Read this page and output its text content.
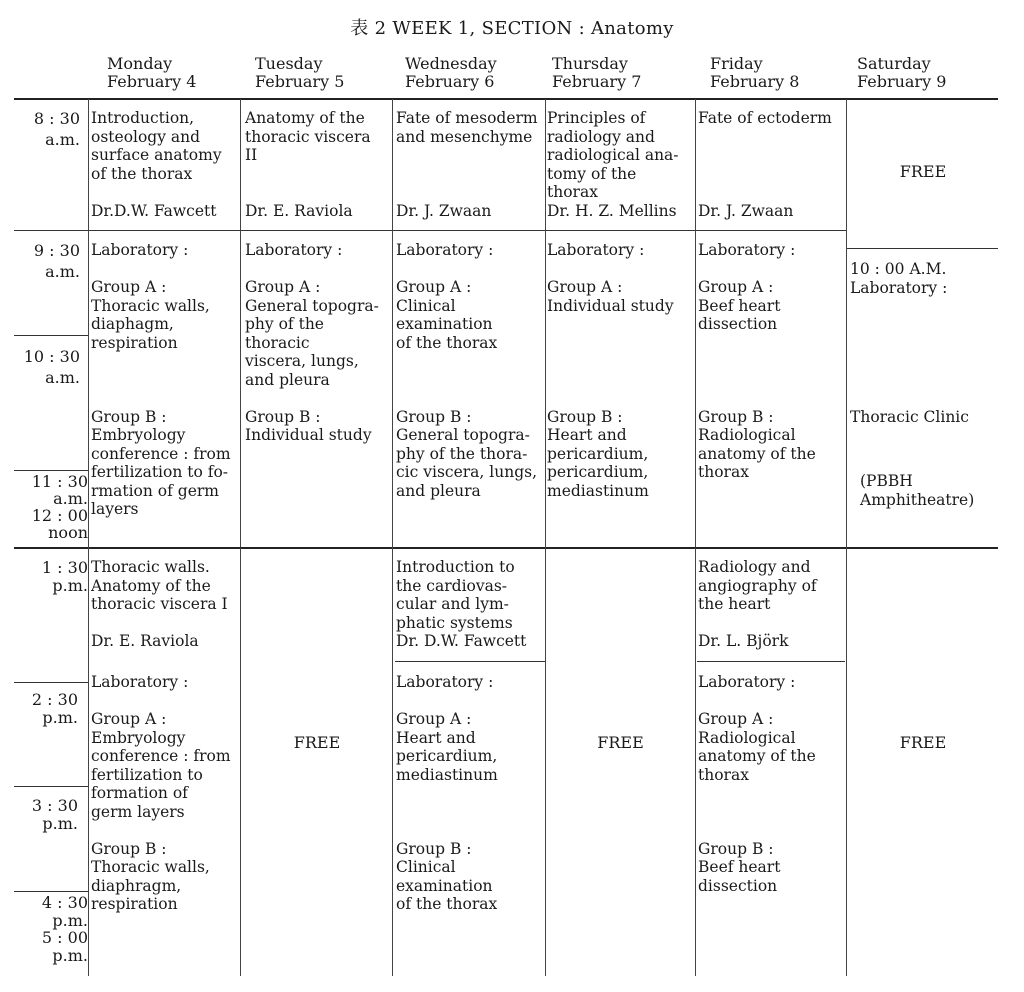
表 2 WEEK 1, SECTION : Anatomy
Monday
February 4
Tuesday
February 5
Wednesday
February 6
Thursday
February 7
Friday
February 8
Saturday
February 9
8 : 30
a.m.
9 : 30
a.m.
10 : 30
a.m.
11 : 30
a.m.
12 : 00
noon
1 : 30
p.m.
2 : 30
p.m.
3 : 30
p.m.
4 : 30
p.m.
5 : 00
p.m.
Introduction,
osteology and
surface anatomy
of the thorax
Dr.D.W. Fawcett
Anatomy of the
thoracic viscera
II
Dr. E. Raviola
Fate of mesoderm
and mesenchyme
Dr. J. Zwaan
Principles of
radiology and
radiological ana-
tomy of the
thorax
Dr. H. Z. Mellins
Fate of ectoderm
Dr. J. Zwaan
FREE
Laboratory :
Group A :
Thoracic walls,
diaphagm,
respiration
Group B :
Embryology
conference : from
fertilization to fo-
rmation of germ
layers
Laboratory :
Group A :
General topogra-
phy of the
thoracic
viscera, lungs,
and pleura
Group B :
Individual study
Laboratory :
Group A :
Clinical
examination
of the thorax
Group B :
General topogra-
phy of the thora-
cic viscera, lungs,
and pleura
Laboratory :
Group A :
Individual study
Group B :
Heart and
pericardium,
pericardium,
mediastinum
Laboratory :
Group A :
Beef heart
dissection
Group B :
Radiological
anatomy of the
thorax
10 : 00 A.M.
Laboratory :
Thoracic Clinic
(PBBH
Amphitheatre)
Thoracic walls.
Anatomy of the
thoracic viscera I
Dr. E. Raviola
Introduction to
the cardiovas-
cular and lym-
phatic systems
Dr. D.W. Fawcett
Radiology and
angiography of
the heart
Dr. L. Björk
Laboratory :
Group A :
Embryology
conference : from
fertilization to
formation of
germ layers
Group B :
Thoracic walls,
diaphragm,
respiration
Laboratory :
Group A :
Heart and
pericardium,
mediastinum
Group B :
Clinical
examination
of the thorax
Laboratory :
Group A :
Radiological
anatomy of the
thorax
Group B :
Beef heart
dissection
FREE	FREE	FREE
